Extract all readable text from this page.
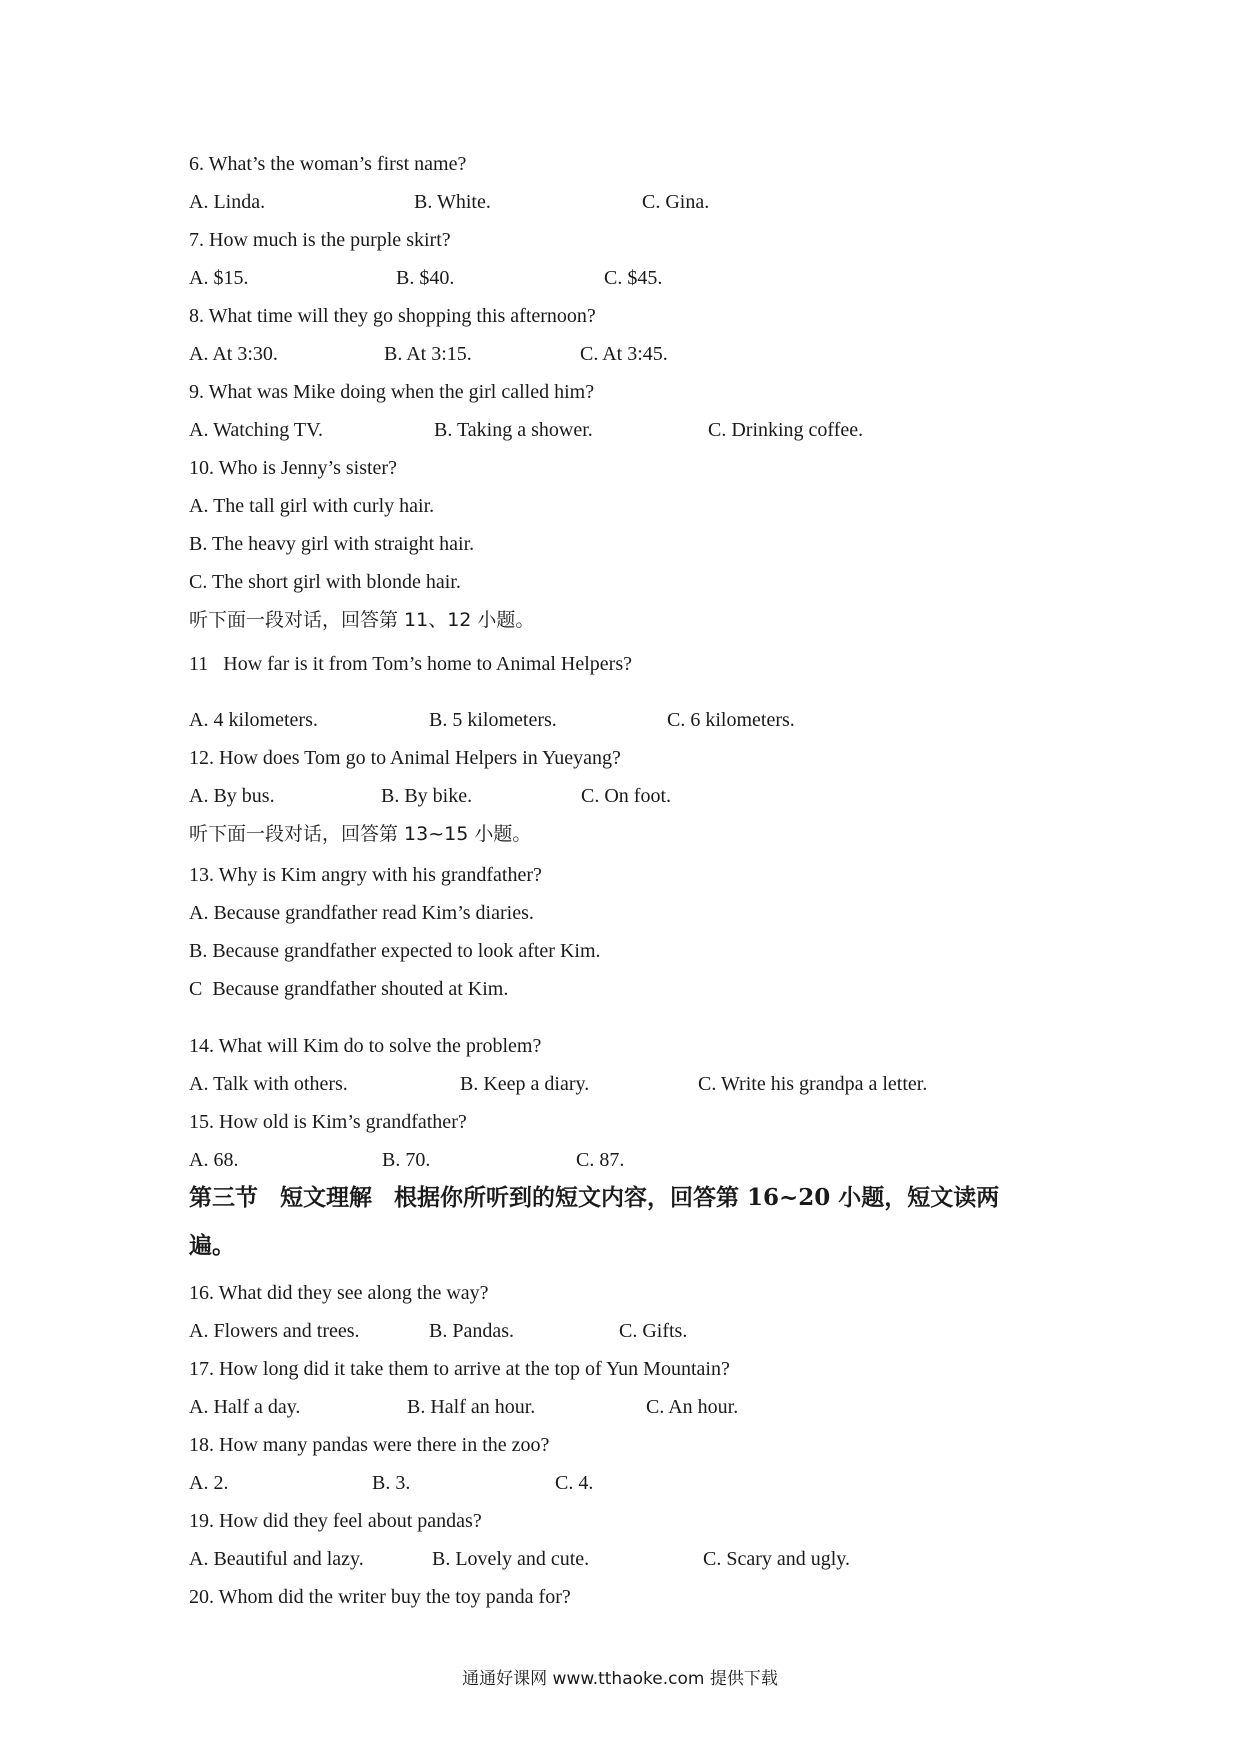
6. What’s the woman’s first name?
A. Linda.	B. White.	C. Gina.
7. How much is the purple skirt?
A. $15.	B. $40.	C. $45.
8. What time will they go shopping this afternoon?
A. At 3:30.	B. At 3:15.	C. At 3:45.
9. What was Mike doing when the girl called him?
A. Watching TV.	B. Taking a shower.	C. Drinking coffee.
10. Who is Jenny’s sister?
A. The tall girl with curly hair.
B. The heavy girl with straight hair.
C. The short girl with blonde hair.
听下面一段对话，回答第 11、12 小题。
11   How far is it from Tom’s home to Animal Helpers?
A. 4 kilometers.	B. 5 kilometers.	C. 6 kilometers.
12. How does Tom go to Animal Helpers in Yueyang?
A. By bus.	B. By bike.	C. On foot.
听下面一段对话，回答第 13~15 小题。
13. Why is Kim angry with his grandfather?
A. Because grandfather read Kim’s diaries.
B. Because grandfather expected to look after Kim.
C  Because grandfather shouted at Kim.
14. What will Kim do to solve the problem?
A. Talk with others.	B. Keep a diary.	C. Write his grandpa a letter.
15. How old is Kim’s grandfather?
A. 68.	B. 70.	C. 87.
第三节 短文理解 根据你所听到的短文内容，回答第 16~20 小题，短文读两
遍。
16. What did they see along the way?
A. Flowers and trees.	B. Pandas.	C. Gifts.
17. How long did it take them to arrive at the top of Yun Mountain?
A. Half a day.	B. Half an hour.	C. An hour.
18. How many pandas were there in the zoo?
A. 2.	B. 3.	C. 4.
19. How did they feel about pandas?
A. Beautiful and lazy.	B. Lovely and cute.	C. Scary and ugly.
20. Whom did the writer buy the toy panda for?
通通好课网 www.tthaoke.com 提供下载
